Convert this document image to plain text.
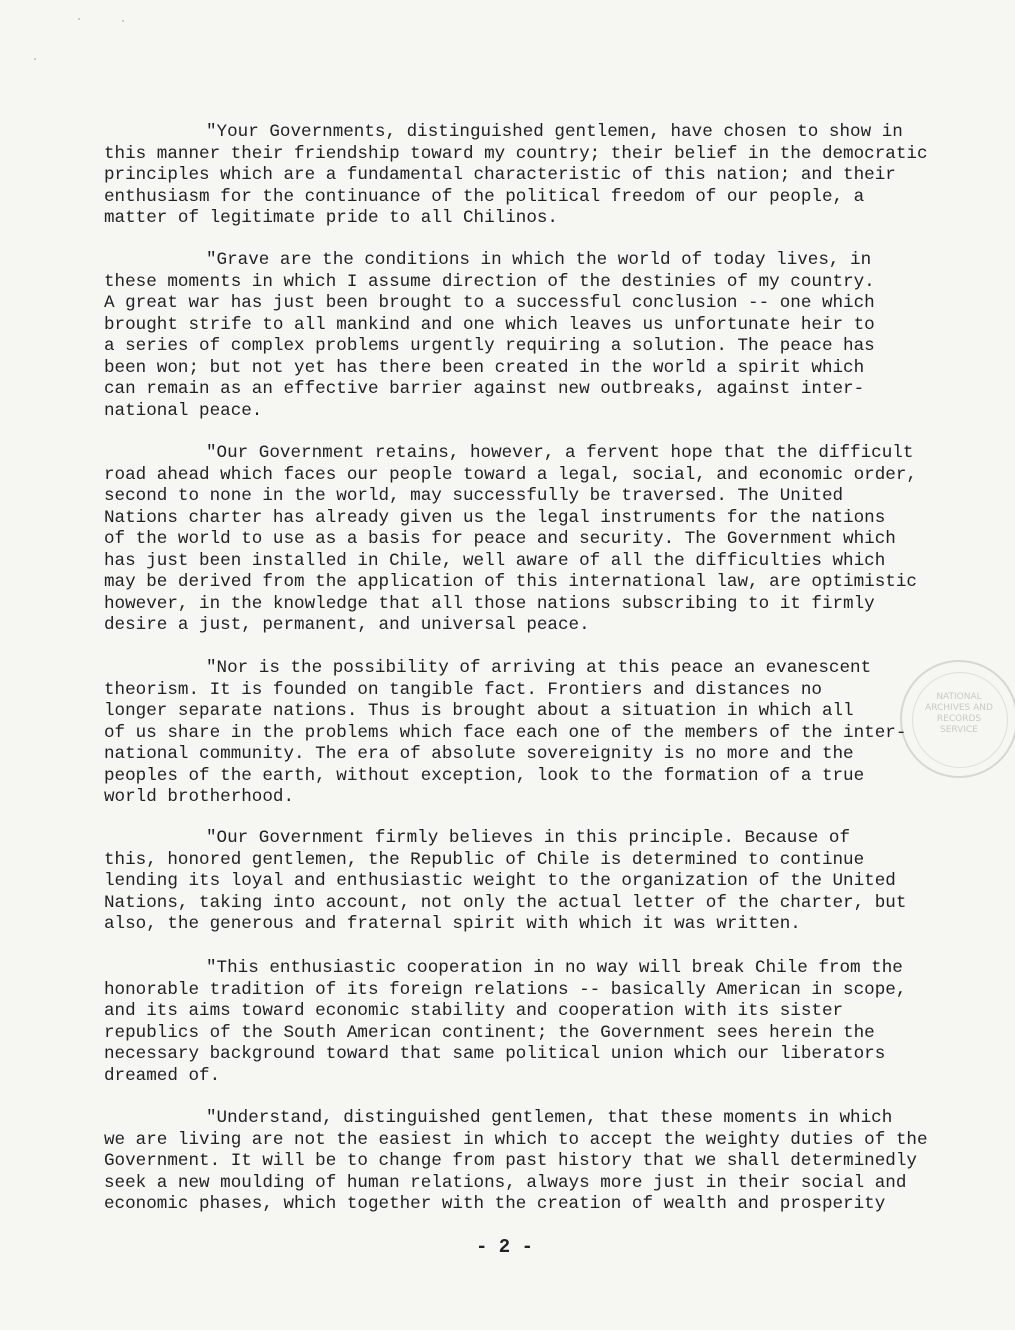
NATIONAL
ARCHIVES AND
RECORDS
SERVICE
"Your Governments, distinguished gentlemen, have chosen to show in
this manner their friendship toward my country; their belief in the democratic
principles which are a fundamental characteristic of this nation; and their
enthusiasm for the continuance of the political freedom of our people, a
matter of legitimate pride to all Chilinos.
"Grave are the conditions in which the world of today lives, in
these moments in which I assume direction of the destinies of my country.
A great war has just been brought to a successful conclusion -- one which
brought strife to all mankind and one which leaves us unfortunate heir to
a series of complex problems urgently requiring a solution. The peace has
been won; but not yet has there been created in the world a spirit which
can remain as an effective barrier against new outbreaks, against inter-
national peace.
"Our Government retains, however, a fervent hope that the difficult
road ahead which faces our people toward a legal, social, and economic order,
second to none in the world, may successfully be traversed. The United
Nations charter has already given us the legal instruments for the nations
of the world to use as a basis for peace and security. The Government which
has just been installed in Chile, well aware of all the difficulties which
may be derived from the application of this international law, are optimistic
however, in the knowledge that all those nations subscribing to it firmly
desire a just, permanent, and universal peace.
"Nor is the possibility of arriving at this peace an evanescent
theorism. It is founded on tangible fact. Frontiers and distances no
longer separate nations. Thus is brought about a situation in which all
of us share in the problems which face each one of the members of the inter-
national community. The era of absolute sovereignity is no more and the
peoples of the earth, without exception, look to the formation of a true
world brotherhood.
"Our Government firmly believes in this principle. Because of
this, honored gentlemen, the Republic of Chile is determined to continue
lending its loyal and enthusiastic weight to the organization of the United
Nations, taking into account, not only the actual letter of the charter, but
also, the generous and fraternal spirit with which it was written.
"This enthusiastic cooperation in no way will break Chile from the
honorable tradition of its foreign relations -- basically American in scope,
and its aims toward economic stability and cooperation with its sister
republics of the South American continent; the Government sees herein the
necessary background toward that same political union which our liberators
dreamed of.
"Understand, distinguished gentlemen, that these moments in which
we are living are not the easiest in which to accept the weighty duties of the
Government. It will be to change from past history that we shall determinedly
seek a new moulding of human relations, always more just in their social and
economic phases, which together with the creation of wealth and prosperity
- 2 -
